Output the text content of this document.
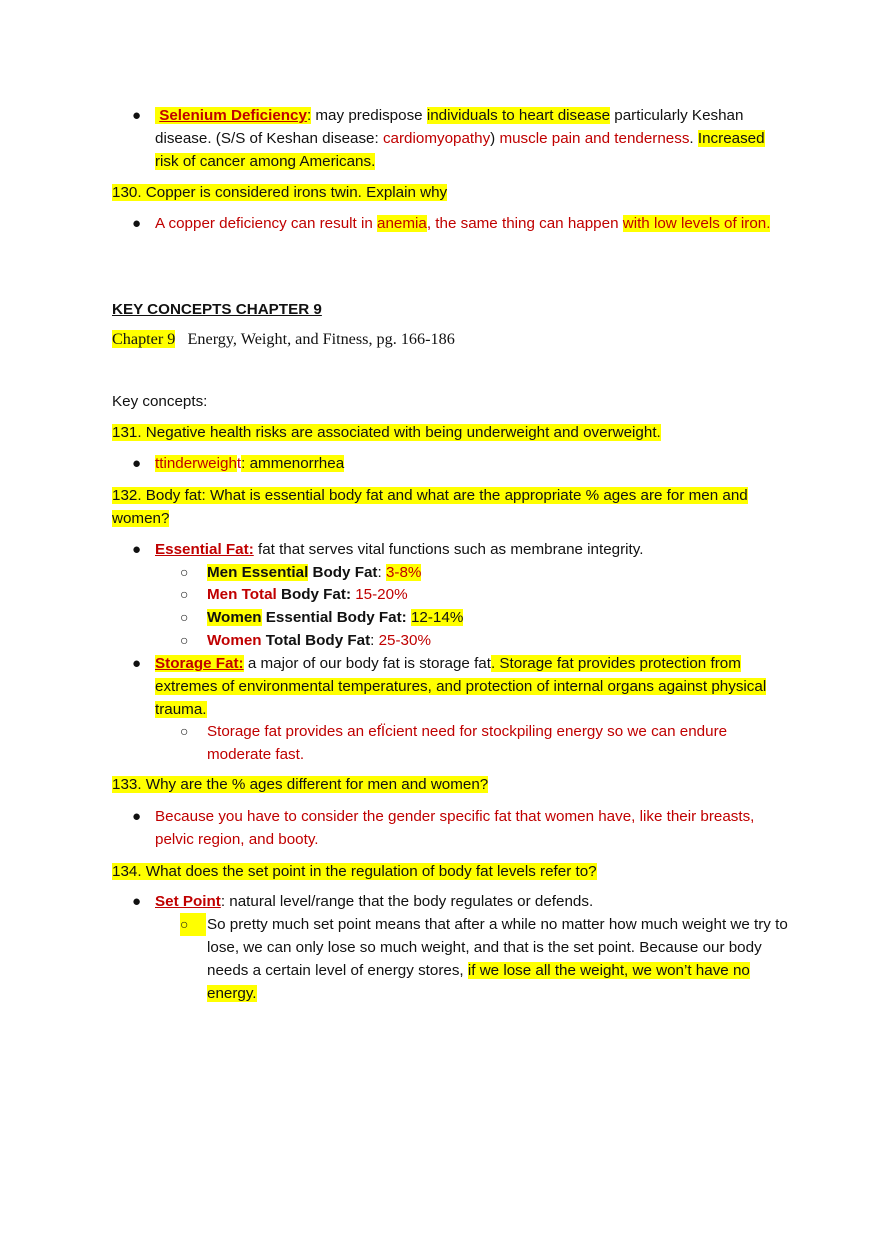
●	Selenium Deficiency: may predispose individuals to heart disease particularly Keshan disease. (S/S of Keshan disease: cardiomyopathy) muscle pain and tenderness. Increased risk of cancer among Americans.
130. Copper is considered irons twin. Explain why
● A copper deficiency can result in anemia, the same thing can happen with low levels of iron.
KEY CONCEPTS CHAPTER 9
Chapter 9   Energy, Weight, and Fitness, pg. 166-186
Key concepts:
131. Negative health risks are associated with being underweight and overweight.
● ttinderweight: ammenorrhea
132. Body fat: What is essential body fat and what are the appropriate % ages are for men and women?
● Essential Fat: fat that serves vital functions such as membrane integrity.
○	Men Essential Body Fat: 3-8%
○	Men Total Body Fat: 15-20%
○	Women Essential Body Fat: 12-14%
○	Women Total Body Fat: 25-30%
● Storage Fat: a major of our body fat is storage fat. Storage fat provides protection from extremes of environmental temperatures, and protection of internal organs against physical trauma.
○	Storage fat provides an efÏcient need for stockpiling energy so we can endure moderate fast.
133. Why are the % ages different for men and women?
● Because you have to consider the gender specific fat that women have, like their breasts, pelvic region, and booty.
134. What does the set point in the regulation of body fat levels refer to?
● Set Point: natural level/range that the body regulates or defends.
○	So pretty much set point means that after a while no matter how much weight we try to lose, we can only lose so much weight, and that is the set point. Because our body needs a certain level of energy stores, if we lose all the weight, we won’t have no energy.
